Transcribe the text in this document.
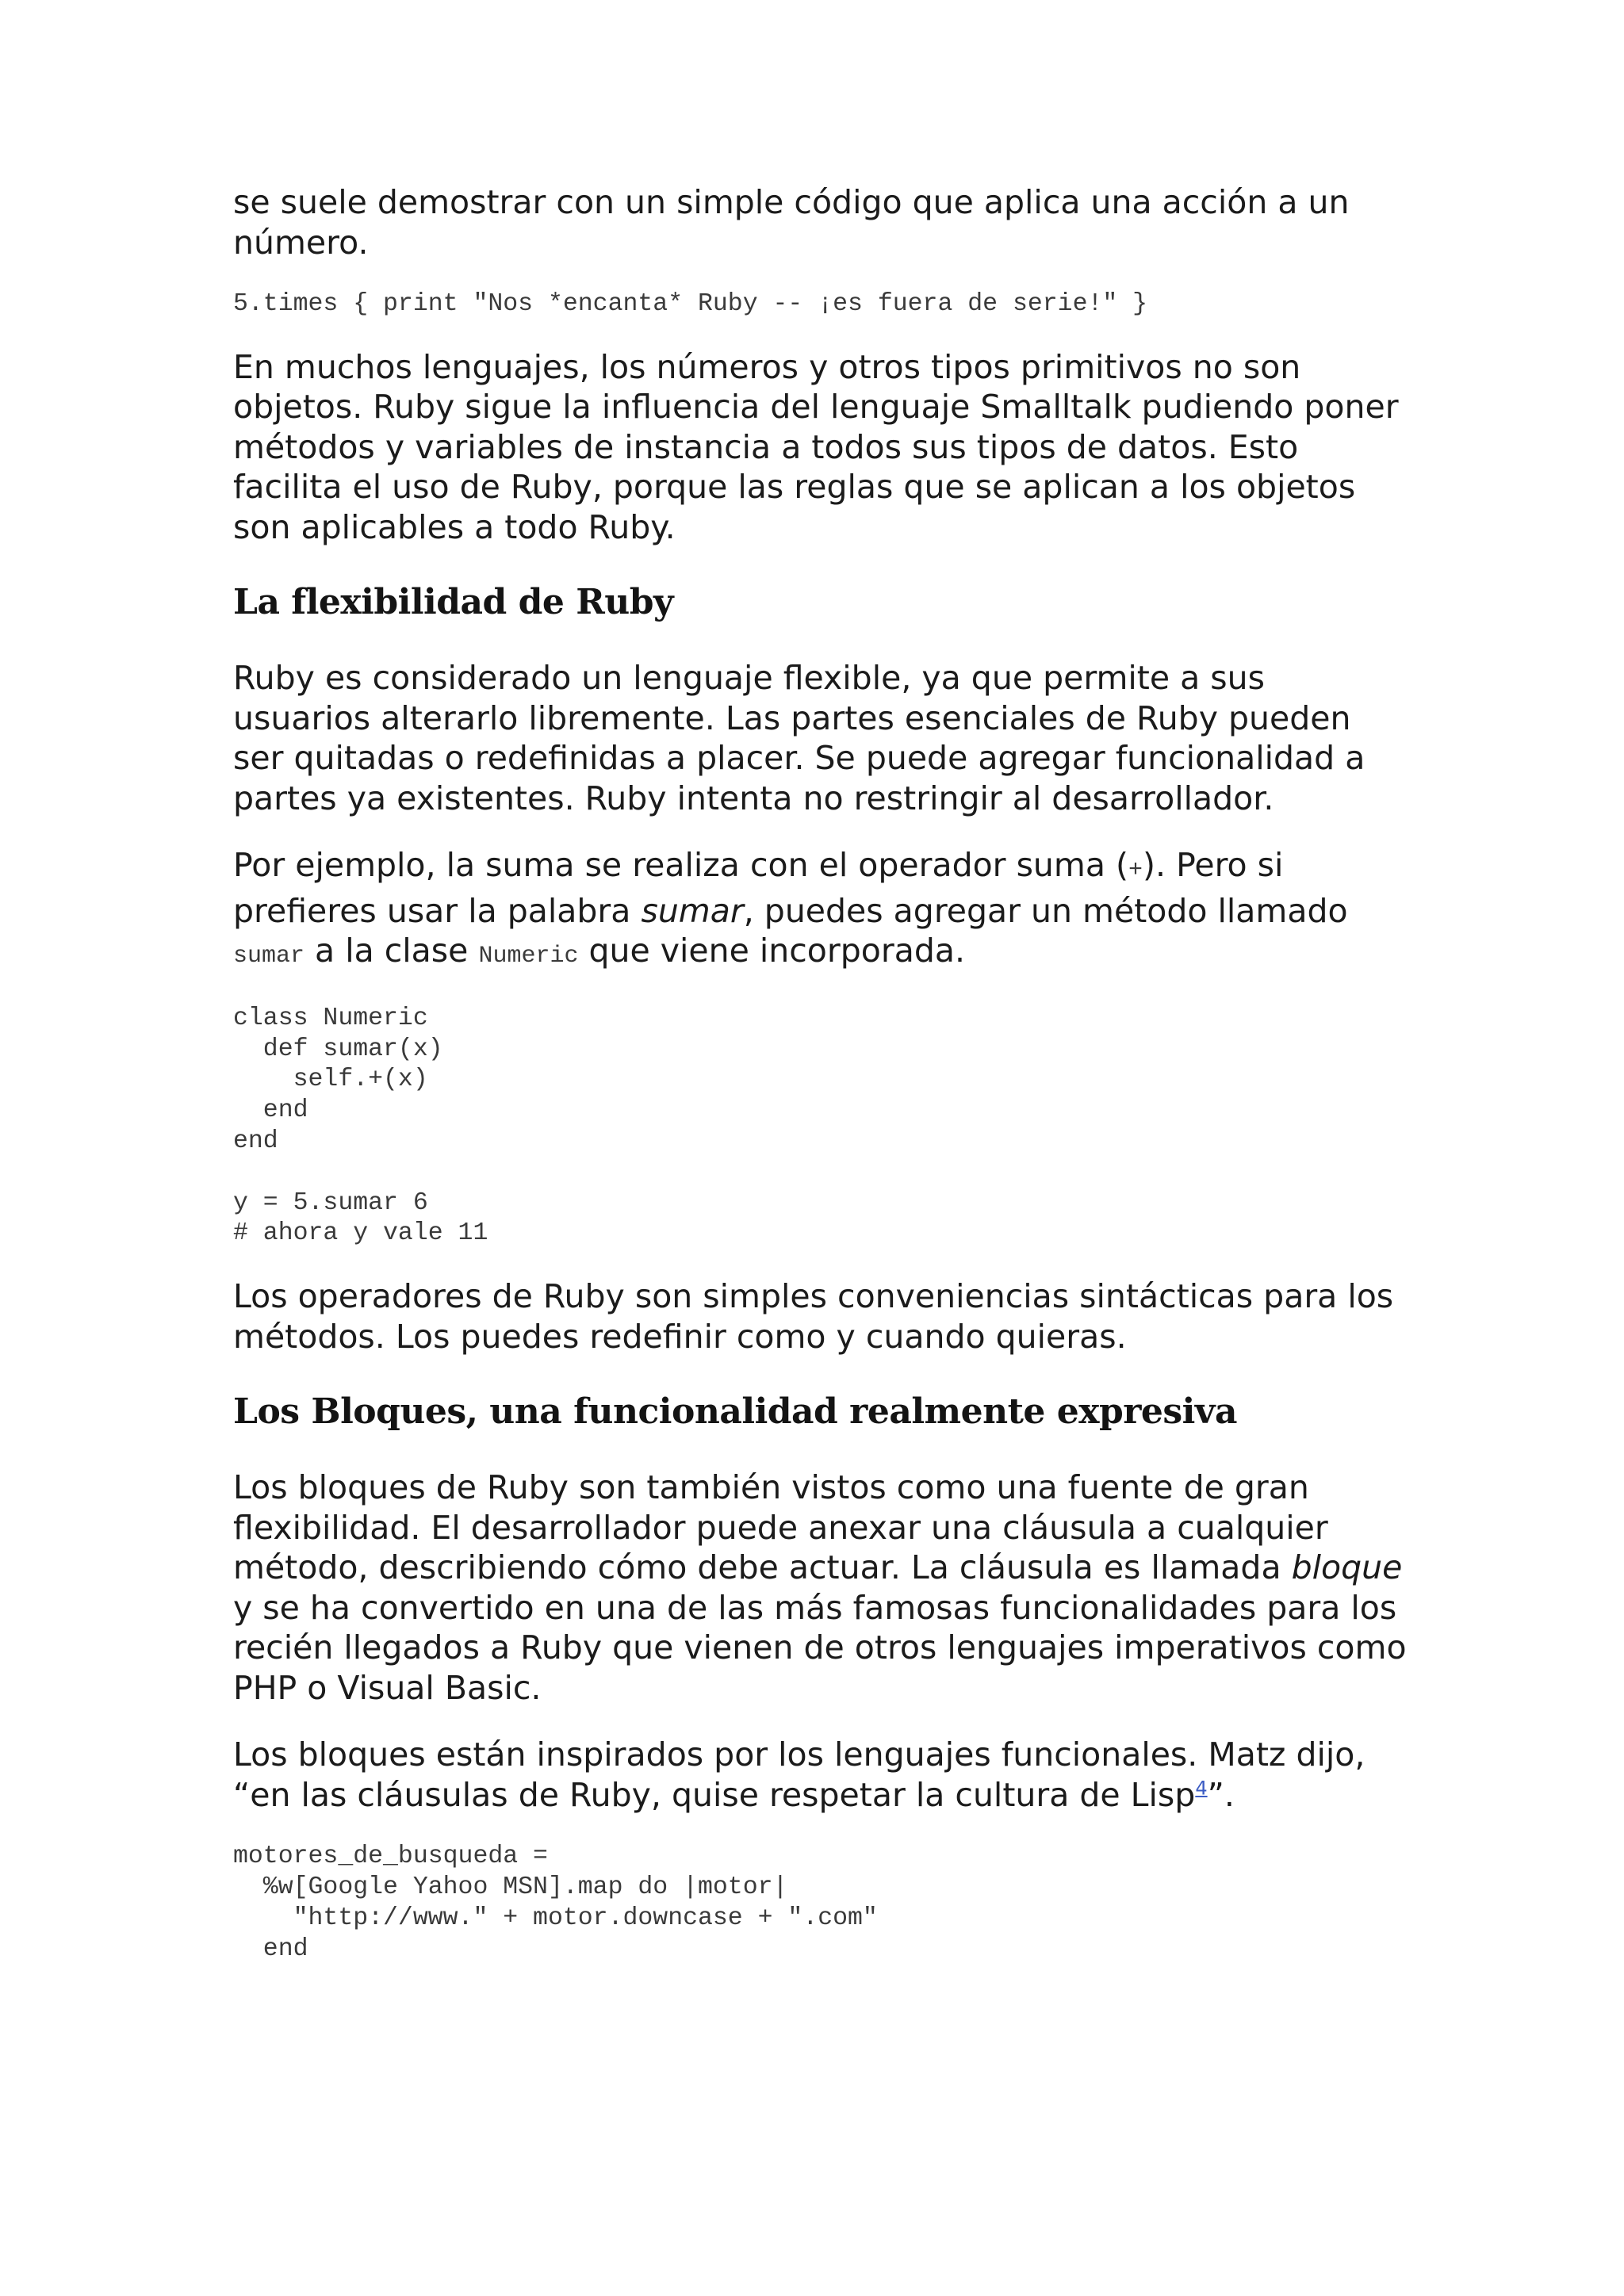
se suele demostrar con un simple código que aplica una acción a un número.

5.times { print "Nos *encanta* Ruby -- ¡es fuera de serie!" }

En muchos lenguajes, los números y otros tipos primitivos no son objetos. Ruby sigue la influencia del lenguaje Smalltalk pudiendo poner métodos y variables de instancia a todos sus tipos de datos. Esto facilita el uso de Ruby, porque las reglas que se aplican a los objetos son aplicables a todo Ruby.

La flexibilidad de Ruby

Ruby es considerado un lenguaje flexible, ya que permite a sus usuarios alterarlo libremente. Las partes esenciales de Ruby pueden ser quitadas o redefinidas a placer. Se puede agregar funcionalidad a partes ya existentes. Ruby intenta no restringir al desarrollador.

Por ejemplo, la suma se realiza con el operador suma (+). Pero si prefieres usar la palabra sumar, puedes agregar un método llamado sumar a la clase Numeric que viene incorporada.

class Numeric
def sumar(x)
self.+(x)
end
end

y = 5.sumar 6
# ahora y vale 11

Los operadores de Ruby son simples conveniencias sintácticas para los métodos. Los puedes redefinir como y cuando quieras.

Los Bloques, una funcionalidad realmente expresiva

Los bloques de Ruby son también vistos como una fuente de gran flexibilidad. El desarrollador puede anexar una cláusula a cualquier método, describiendo cómo debe actuar. La cláusula es llamada bloque y se ha convertido en una de las más famosas funcionalidades para los recién llegados a Ruby que vienen de otros lenguajes imperativos como PHP o Visual Basic.

Los bloques están inspirados por los lenguajes funcionales. Matz dijo, “en las cláusulas de Ruby, quise respetar la cultura de Lisp$^4$”.

motores_de_busqueda =
%w[Google Yahoo MSN].map do |motor|
"http://www." + motor.downcase + ".com"
end
